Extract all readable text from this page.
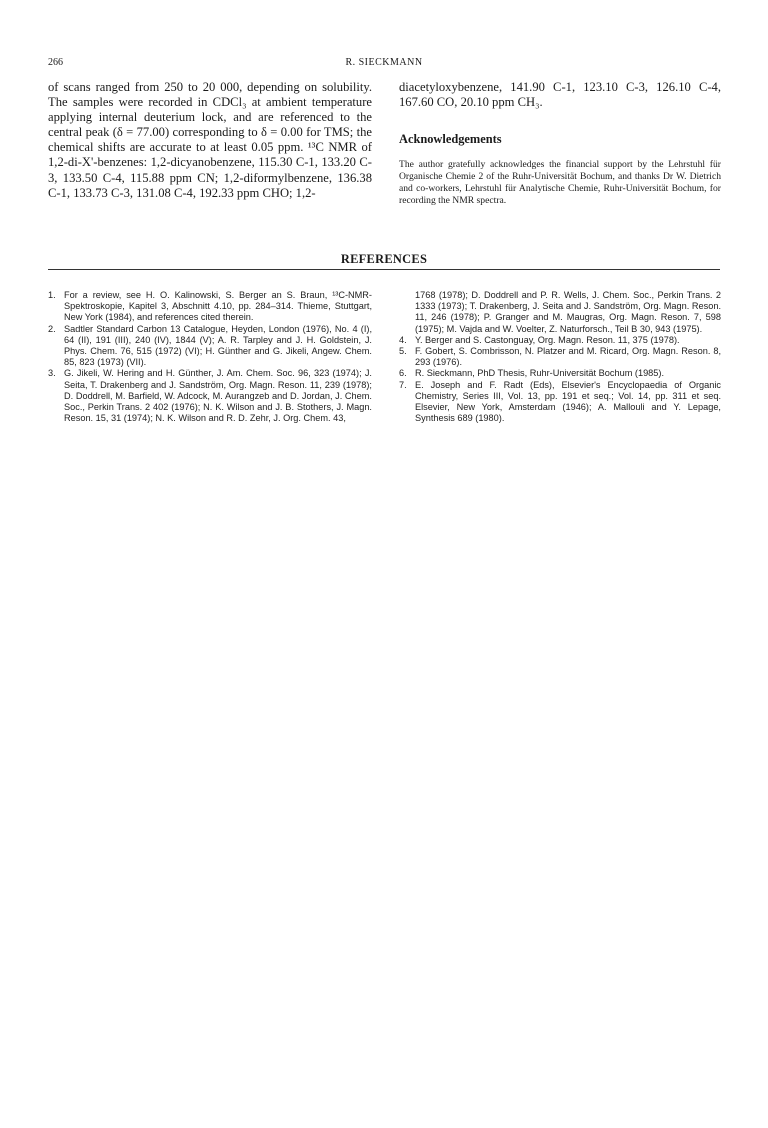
266	R. SIECKMANN

of scans ranged from 250 to 20 000, depending on solubility. The samples were recorded in CDCl₃ at ambient temperature applying internal deuterium lock, and are referenced to the central peak (δ = 77.00) corresponding to δ = 0.00 for TMS; the chemical shifts are accurate to at least 0.05 ppm. ¹³C NMR of 1,2-di-X'-benzenes: 1,2-dicyanobenzene, 115.30 C-1, 133.20 C-3, 133.50 C-4, 115.88 ppm CN; 1,2-diformylbenzene, 136.38 C-1, 133.73 C-3, 131.08 C-4, 192.33 ppm CHO; 1,2-

diacetyloxybenzene, 141.90 C-1, 123.10 C-3, 126.10 C-4, 167.60 CO, 20.10 ppm CH₃.

Acknowledgements

The author gratefully acknowledges the financial support by the Lehrstuhl für Organische Chemie 2 of the Ruhr-Universität Bochum, and thanks Dr W. Dietrich and co-workers, Lehrstuhl für Analytische Chemie, Ruhr-Universität Bochum, for recording the NMR spectra.

REFERENCES
1. For a review, see H. O. Kalinowski, S. Berger an S. Braun, ¹³C-NMR-Spektroskopie, Kapitel 3, Abschnitt 4.10, pp. 284–314. Thieme, Stuttgart, New York (1984), and references cited therein.
2. Sadtler Standard Carbon 13 Catalogue, Heyden, London (1976), No. 4 (I), 64 (II), 191 (III), 240 (IV), 1844 (V); A. R. Tarpley and J. H. Goldstein, J. Phys. Chem. 76, 515 (1972) (VI); H. Günther and G. Jikeli, Angew. Chem. 85, 823 (1973) (VII).
3. G. Jikeli, W. Hering and H. Günther, J. Am. Chem. Soc. 96, 323 (1974); J. Seita, T. Drakenberg and J. Sandström, Org. Magn. Reson. 11, 239 (1978); D. Doddrell, M. Barfield, W. Adcock, M. Aurangzeb and D. Jordan, J. Chem. Soc., Perkin Trans. 2 402 (1976); N. K. Wilson and J. B. Stothers, J. Magn. Reson. 15, 31 (1974); N. K. Wilson and R. D. Zehr, J. Org. Chem. 43,
1768 (1978); D. Doddrell and P. R. Wells, J. Chem. Soc., Perkin Trans. 2 1333 (1973); T. Drakenberg, J. Seita and J. Sandström, Org. Magn. Reson. 11, 246 (1978); P. Granger and M. Maugras, Org. Magn. Reson. 7, 598 (1975); M. Vajda and W. Voelter, Z. Naturforsch., Teil B 30, 943 (1975).
4. Y. Berger and S. Castonguay, Org. Magn. Reson. 11, 375 (1978).
5. F. Gobert, S. Combrisson, N. Platzer and M. Ricard, Org. Magn. Reson. 8, 293 (1976).
6. R. Sieckmann, PhD Thesis, Ruhr-Universität Bochum (1985).
7. E. Joseph and F. Radt (Eds), Elsevier's Encyclopaedia of Organic Chemistry, Series III, Vol. 13, pp. 191 et seq.; Vol. 14, pp. 311 et seq. Elsevier, New York, Amsterdam (1946); A. Mallouli and Y. Lepage, Synthesis 689 (1980).
